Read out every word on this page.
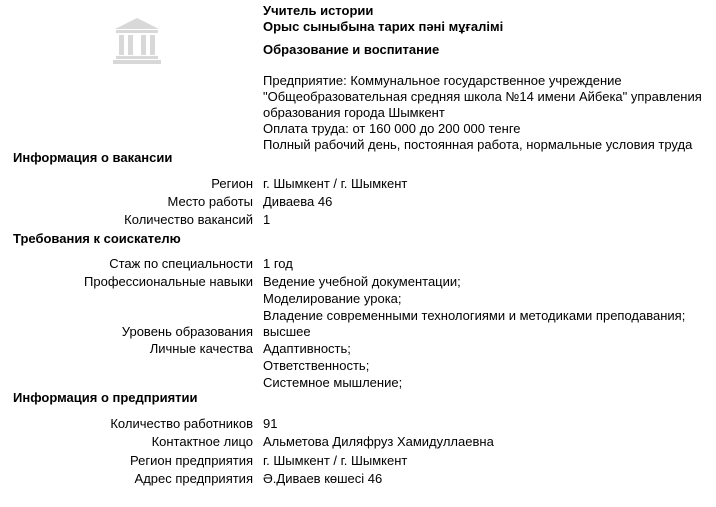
Учитель истории
Орыс сыныбына тарих пәні мұғалімі
Образование и воспитание
Предприятие: Коммунальное государственное учреждение
"Общеобразовательная средняя школа №14 имени Айбека" управления
образования города Шымкент
Оплата труда: от 160 000 до 200 000 тенге
Полный рабочий день, постоянная работа, нормальные условия труда
Информация о вакансии
Регион г. Шымкент / г. Шымкент
Место работы Диваева 46
Количество вакансий 1
Требования к соискателю
Стаж по специальности 1 год
Профессиональные навыки Ведение учебной документации;
Моделирование урока;
Владение современными технологиями и методиками преподавания;
Уровень образования высшее
Личные качества Адаптивность;
Ответственность;
Системное мышление;
Информация о предприятии
Количество работников 91
Контактное лицо Альметова Диляфруз Хамидуллаевна
Регион предприятия г. Шымкент / г. Шымкент
Адрес предприятия Ә.Диваев көшесі 46
